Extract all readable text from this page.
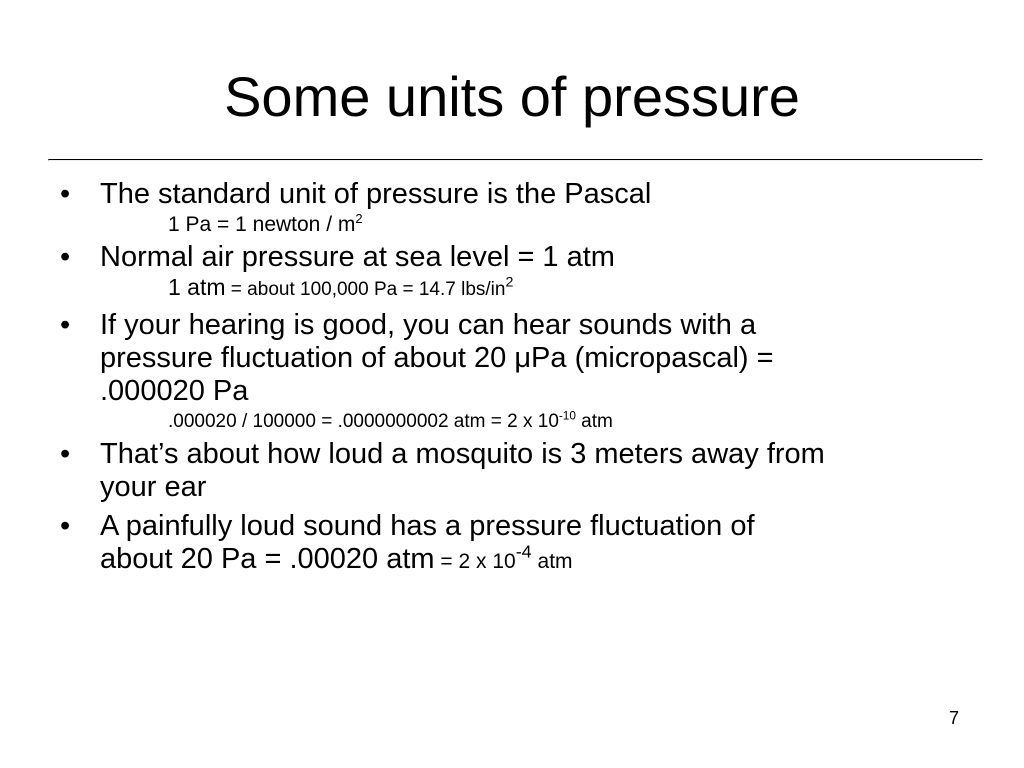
Some units of pressure
• The standard unit of pressure is the Pascal
1 Pa = 1 newton / $m^2$
• Normal air pressure at sea level = 1 atm
1 atm = about 100,000 Pa = 14.7 lbs/$in^2$
• If your hearing is good, you can hear sounds with a
pressure fluctuation of about 20 μPa (micropascal) =
.000020 Pa
.000020 / 100000 = .0000000002 atm = 2 x $10^{-10}$ atm
• That’s about how loud a mosquito is 3 meters away from
your ear
• A painfully loud sound has a pressure fluctuation of
about 20 Pa = .00020 atm = 2 x $10^{-4}$ atm
7
